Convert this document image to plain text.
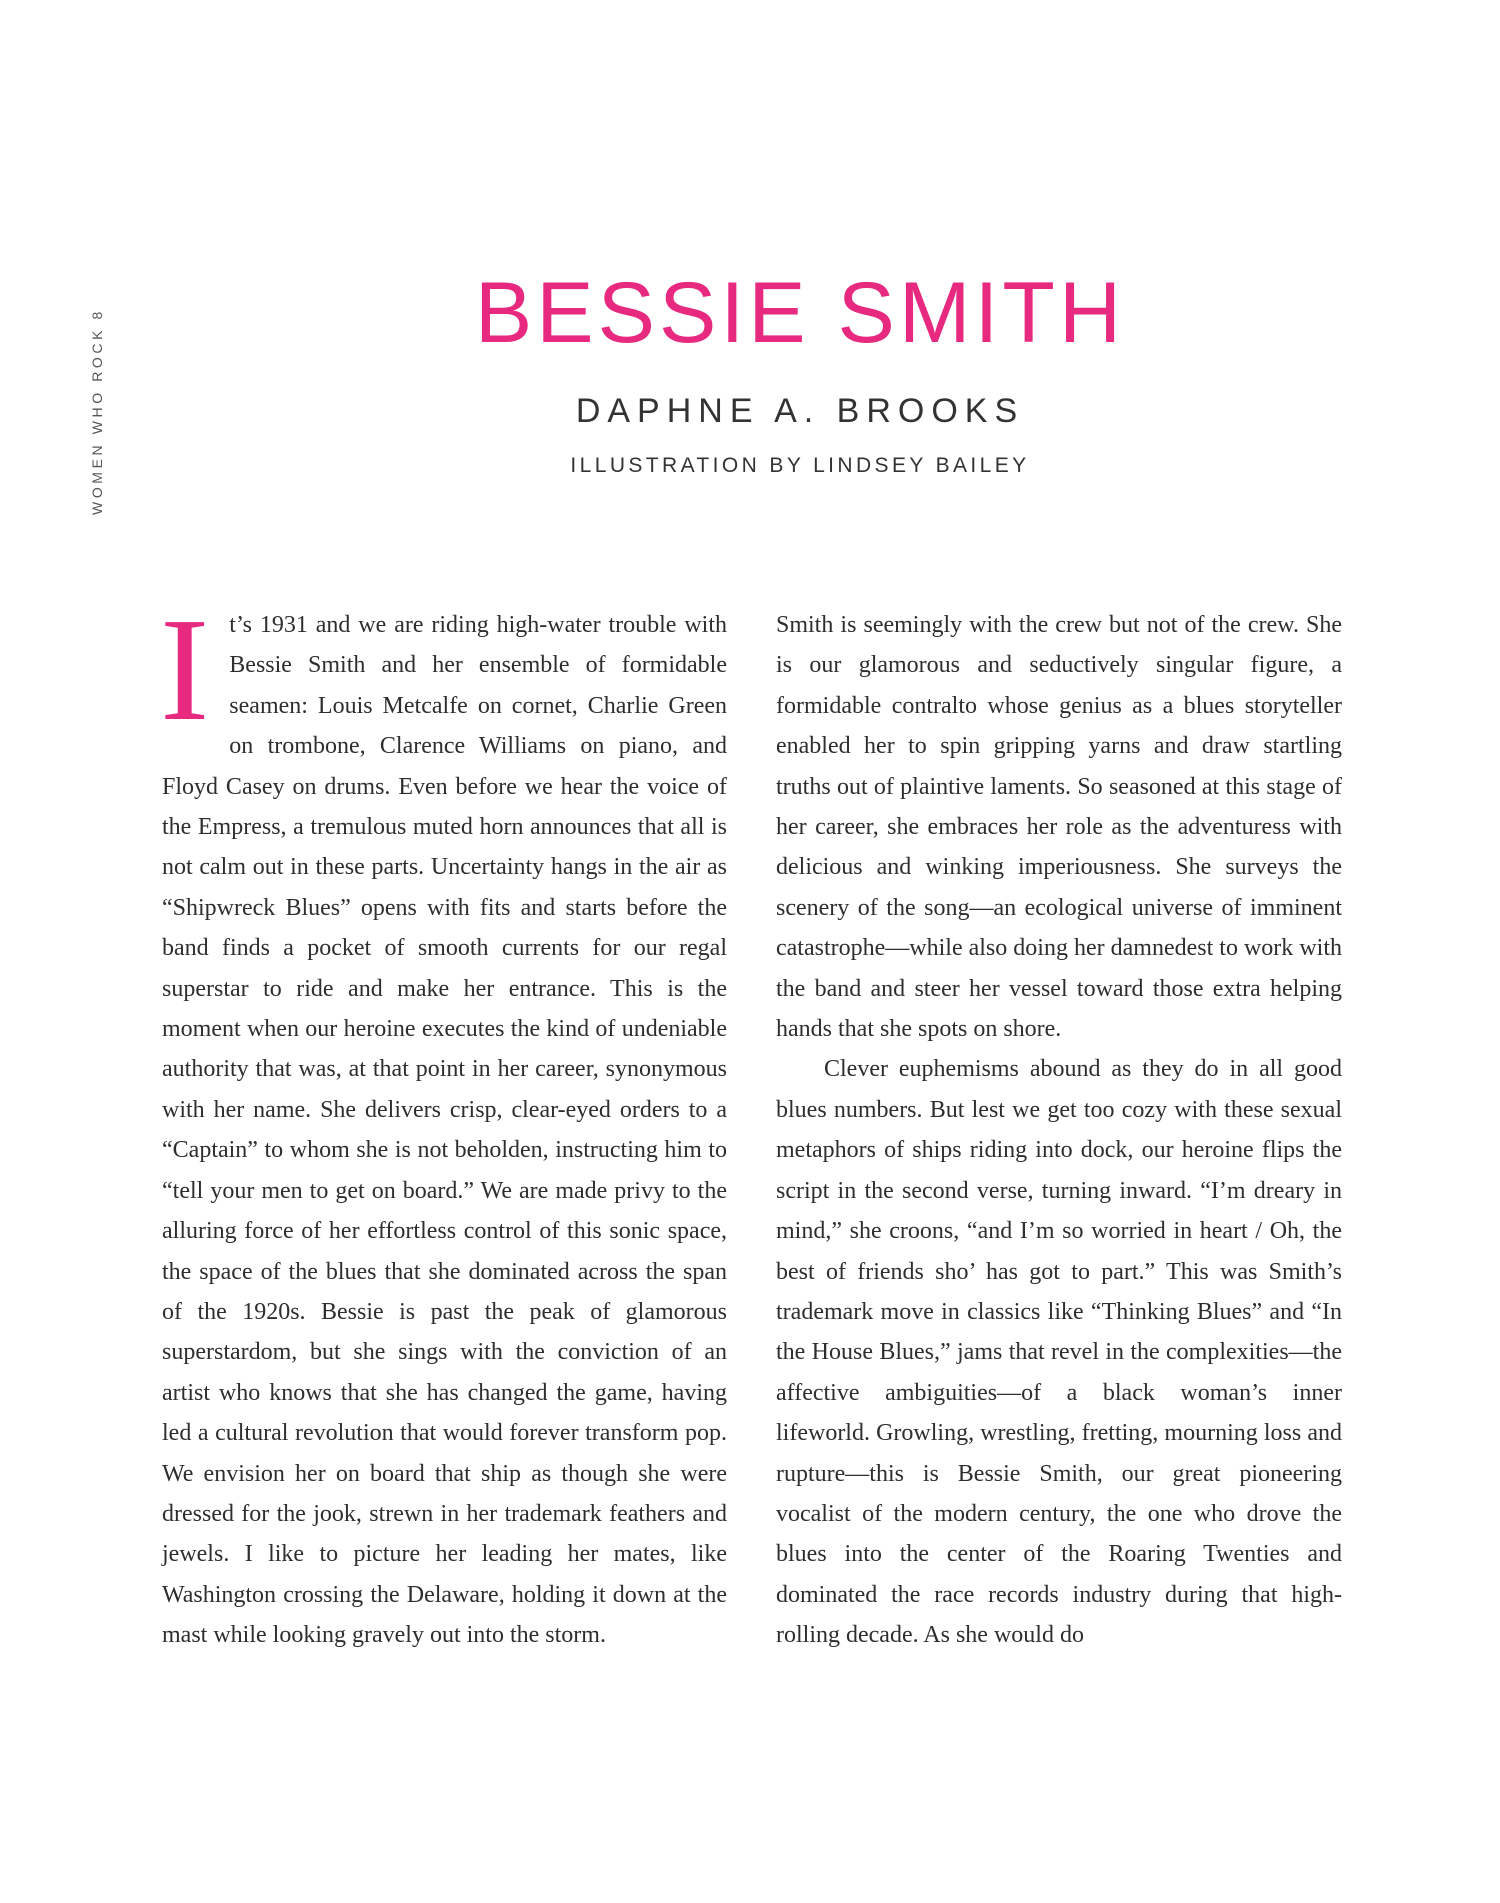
WOMEN WHO ROCK 8	BESSIE SMITH
DAPHNE A. BROOKS
ILLUSTRATION BY LINDSEY BAILEY

It’s 1931 and we are riding high-water trouble with Bessie Smith and her ensemble of formidable seamen: Louis Metcalfe on cornet, Charlie Green on trombone, Clarence Williams on piano, and Floyd Casey on drums. Even before we hear the voice of the Empress, a tremulous muted horn announces that all is not calm out in these parts. Uncertainty hangs in the air as “Shipwreck Blues” opens with fits and starts before the band finds a pocket of smooth currents for our regal superstar to ride and make her entrance. This is the moment when our heroine executes the kind of undeniable authority that was, at that point in her career, synonymous with her name. She delivers crisp, clear-eyed orders to a “Captain” to whom she is not beholden, instructing him to “tell your men to get on board.” We are made privy to the alluring force of her effortless control of this sonic space, the space of the blues that she dominated across the span of the 1920s. Bessie is past the peak of glamorous superstardom, but she sings with the conviction of an artist who knows that she has changed the game, having led a cultural revolution that would forever transform pop. We envision her on board that ship as though she were dressed for the jook, strewn in her trademark feathers and jewels. I like to picture her leading her mates, like Washington crossing the Delaware, holding it down at the mast while looking gravely out into the storm.

Smith is seemingly with the crew but not of the crew. She is our glamorous and seductively singular figure, a formidable contralto whose genius as a blues storyteller enabled her to spin gripping yarns and draw startling truths out of plaintive laments. So seasoned at this stage of her career, she embraces her role as the adventuress with delicious and winking imperiousness. She surveys the scenery of the song—an ecological universe of imminent catastrophe—while also doing her damnedest to work with the band and steer her vessel toward those extra helping hands that she spots on shore.

Clever euphemisms abound as they do in all good blues numbers. But lest we get too cozy with these sexual metaphors of ships riding into dock, our heroine flips the script in the second verse, turning inward. “I’m dreary in mind,” she croons, “and I’m so worried in heart / Oh, the best of friends sho’ has got to part.” This was Smith’s trademark move in classics like “Thinking Blues” and “In the House Blues,” jams that revel in the complexities—the affective ambiguities—of a black woman’s inner lifeworld. Growling, wrestling, fretting, mourning loss and rupture—this is Bessie Smith, our great pioneering vocalist of the modern century, the one who drove the blues into the center of the Roaring Twenties and dominated the race records industry during that high-rolling decade. As she would do
